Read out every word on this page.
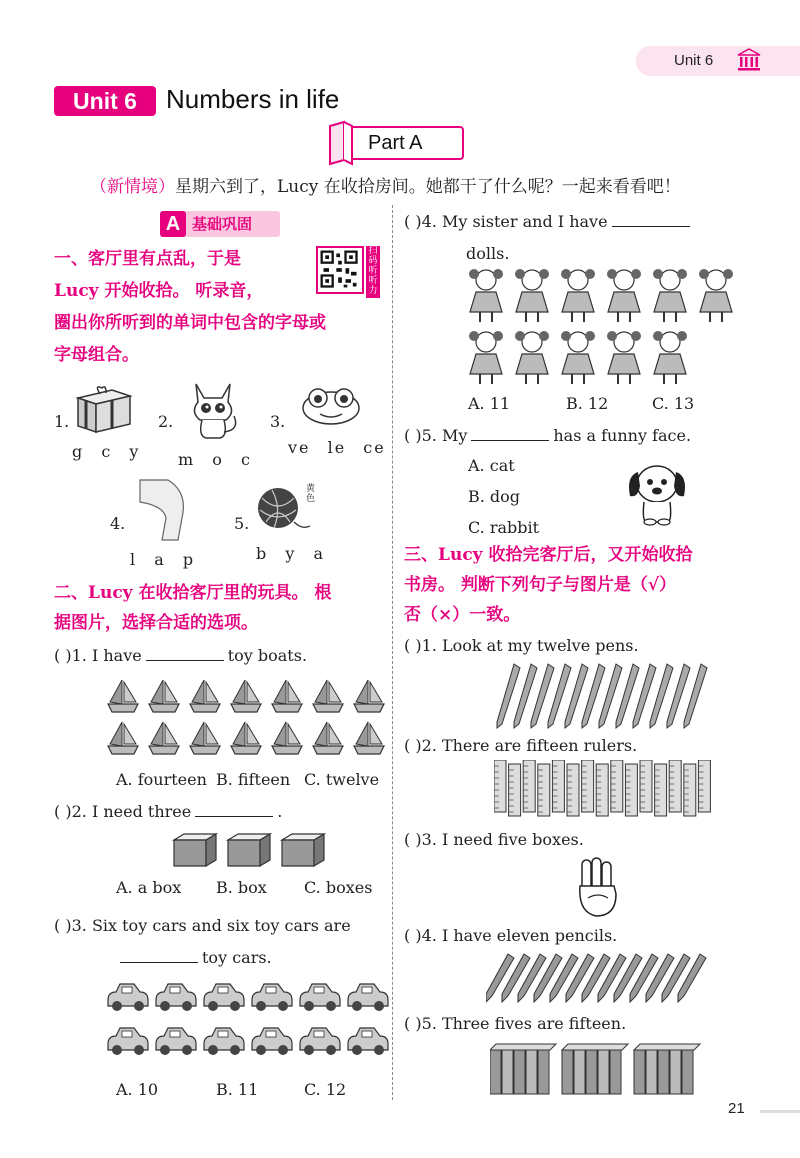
Unit 6
Unit 6	Numbers in life
Part A
（新情境）星期六到了，Lucy 在收拾房间。她都干了什么呢？一起来看看吧！
A 基础巩固
一、客厅里有点乱，于是
Lucy 开始收拾。 听录音，
圈出你所听到的单词中包含的字母或
字母组合。
扫码听听力
1.	2.	3.
g c y m o c
ve le ce
4.
黄
色
5.
l a p	b y a
二、Lucy 在收拾客厅里的玩具。 根
据图片，选择合适的选项。
( )1. I have	toy boats.
A. fourteen B. fifteen C. twelve
( )2. I need three	.
A. a box B. box C. boxes
( )3. Six toy cars and six toy cars are
toy cars.
A. 10	B. 11	C. 12
( )4. My sister and I have
dolls.
A. 11	B. 12	C. 13
( )5. My	has a funny face.
A. cat
B. dog
C. rabbit
三、Lucy 收拾完客厅后，又开始收拾
书房。 判断下列句子与图片是（√）
否（×）一致。
( )1. Look at my twelve pens.
( )2. There are fifteen rulers.
( )3. I need five boxes.
( )4. I have eleven pencils.
( )5. Three fives are fifteen.
21
